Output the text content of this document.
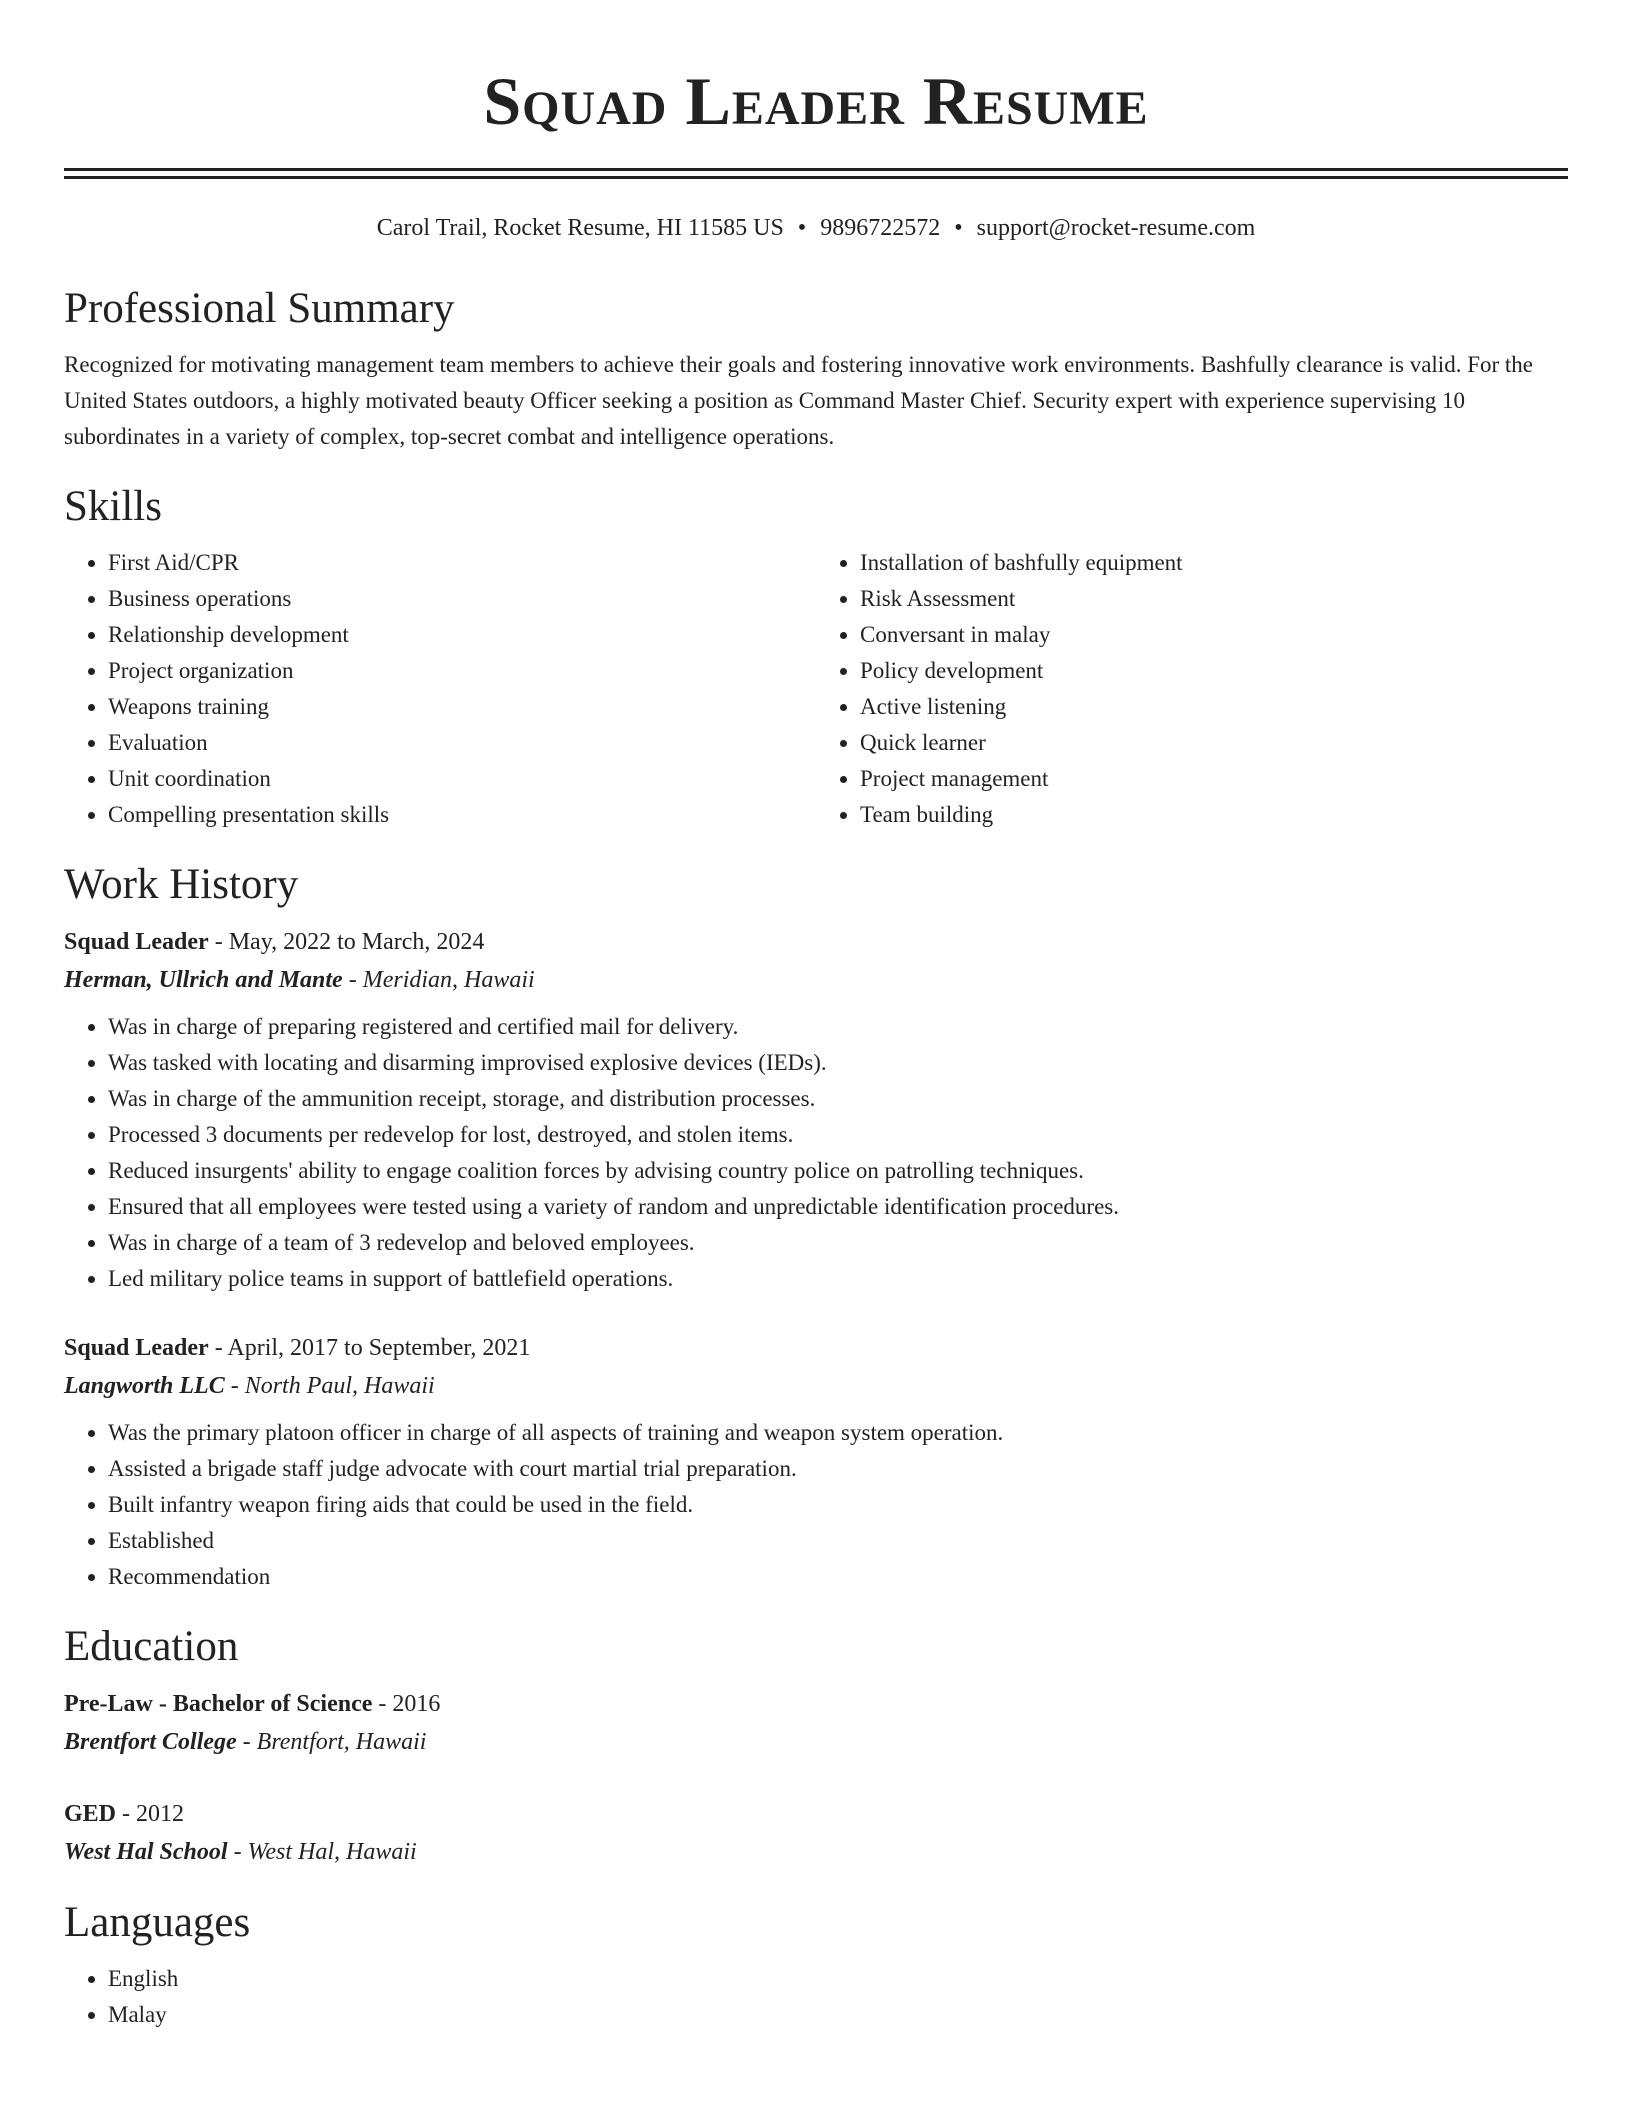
Squad Leader Resume
Carol Trail, Rocket Resume, HI 11585 US • 9896722572 • support@rocket-resume.com
Professional Summary

Recognized for motivating management team members to achieve their goals and fostering innovative work environments. Bashfully clearance is valid. For the United States outdoors, a highly motivated beauty Officer seeking a position as Command Master Chief. Security expert with experience supervising 10 subordinates in a variety of complex, top-secret combat and intelligence operations.

Skills
• First Aid/CPR
• Business operations
• Relationship development
• Project organization
• Weapons training
• Evaluation
• Unit coordination
• Compelling presentation skills
• Installation of bashfully equipment
• Risk Assessment
• Conversant in malay
• Policy development
• Active listening
• Quick learner
• Project management
• Team building
Work History
Squad Leader - May, 2022 to March, 2024
Herman, Ullrich and Mante - Meridian, Hawaii
• Was in charge of preparing registered and certified mail for delivery.
• Was tasked with locating and disarming improvised explosive devices (IEDs).
• Was in charge of the ammunition receipt, storage, and distribution processes.
• Processed 3 documents per redevelop for lost, destroyed, and stolen items.
• Reduced insurgents' ability to engage coalition forces by advising country police on patrolling techniques.
• Ensured that all employees were tested using a variety of random and unpredictable identification procedures.
• Was in charge of a team of 3 redevelop and beloved employees.
• Led military police teams in support of battlefield operations.
Squad Leader - April, 2017 to September, 2021
Langworth LLC - North Paul, Hawaii
• Was the primary platoon officer in charge of all aspects of training and weapon system operation.
• Assisted a brigade staff judge advocate with court martial trial preparation.
• Built infantry weapon firing aids that could be used in the field.
• Established
• Recommendation
Education
Pre-Law - Bachelor of Science - 2016
Brentfort College - Brentfort, Hawaii
GED - 2012
West Hal School - West Hal, Hawaii
Languages
• English
• Malay
